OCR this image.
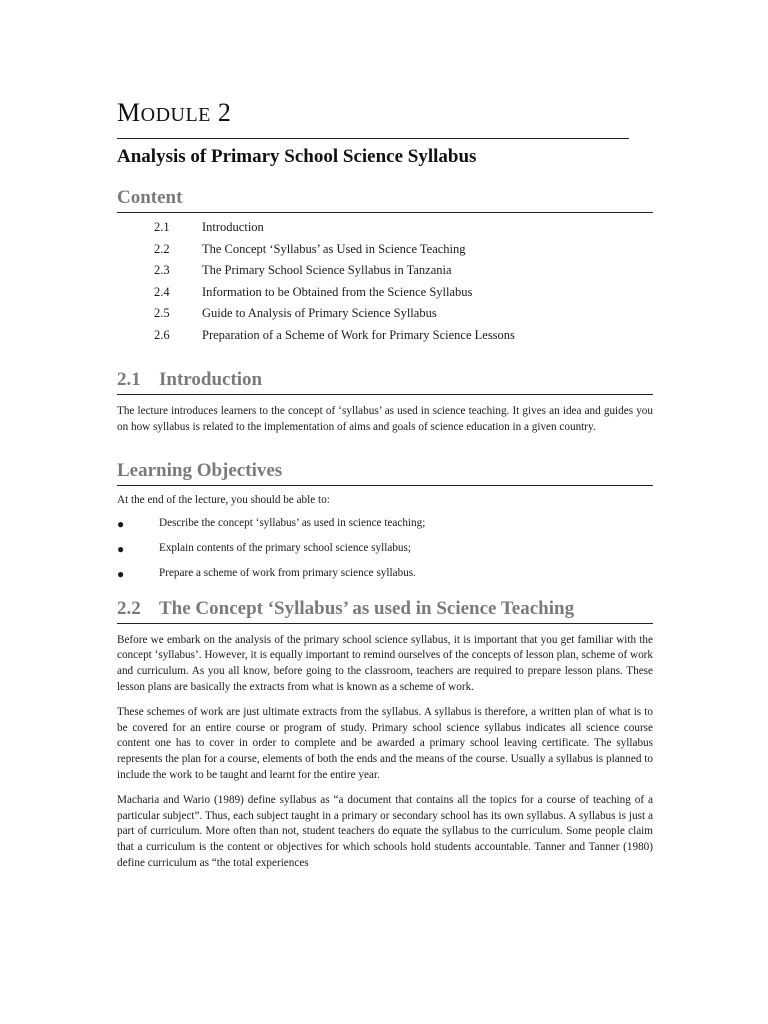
MODULE 2
Analysis of Primary School Science Syllabus
Content
2.1	Introduction
2.2	The Concept ‘Syllabus’ as Used in Science Teaching
2.3	The Primary School Science Syllabus in Tanzania
2.4	Information to be Obtained from the Science Syllabus
2.5	Guide to Analysis of Primary Science Syllabus
2.6	Preparation of a Scheme of Work for Primary Science Lessons
2.1 Introduction

The lecture introduces learners to the concept of ‘syllabus’ as used in science teaching. It gives an idea and guides you on how syllabus is related to the implementation of aims and goals of science education in a given country.

Learning Objectives

At the end of the lecture, you should be able to:

●	Describe the concept ‘syllabus’ as used in science teaching;
●	Explain contents of the primary school science syllabus;
●	Prepare a scheme of work from primary science syllabus.
2.2 The Concept ‘Syllabus’ as used in Science Teaching

Before we embark on the analysis of the primary school science syllabus, it is important that you get familiar with the concept ‘syllabus’. However, it is equally important to remind ourselves of the concepts of lesson plan, scheme of work and curriculum. As you all know, before going to the classroom, teachers are required to prepare lesson plans. These lesson plans are basically the extracts from what is known as a scheme of work.

These schemes of work are just ultimate extracts from the syllabus. A syllabus is therefore, a written plan of what is to be covered for an entire course or program of study. Primary school science syllabus indicates all science course content one has to cover in order to complete and be awarded a primary school leaving certificate. The syllabus represents the plan for a course, elements of both the ends and the means of the course. Usually a syllabus is planned to include the work to be taught and learnt for the entire year.

Macharia and Wario (1989) define syllabus as “a document that contains all the topics for a course of teaching of a particular subject”. Thus, each subject taught in a primary or secondary school has its own syllabus. A syllabus is just a part of curriculum. More often than not, student teachers do equate the syllabus to the curriculum. Some people claim that a curriculum is the content or objectives for which schools hold students accountable. Tanner and Tanner (1980) define curriculum as “the total experiences
